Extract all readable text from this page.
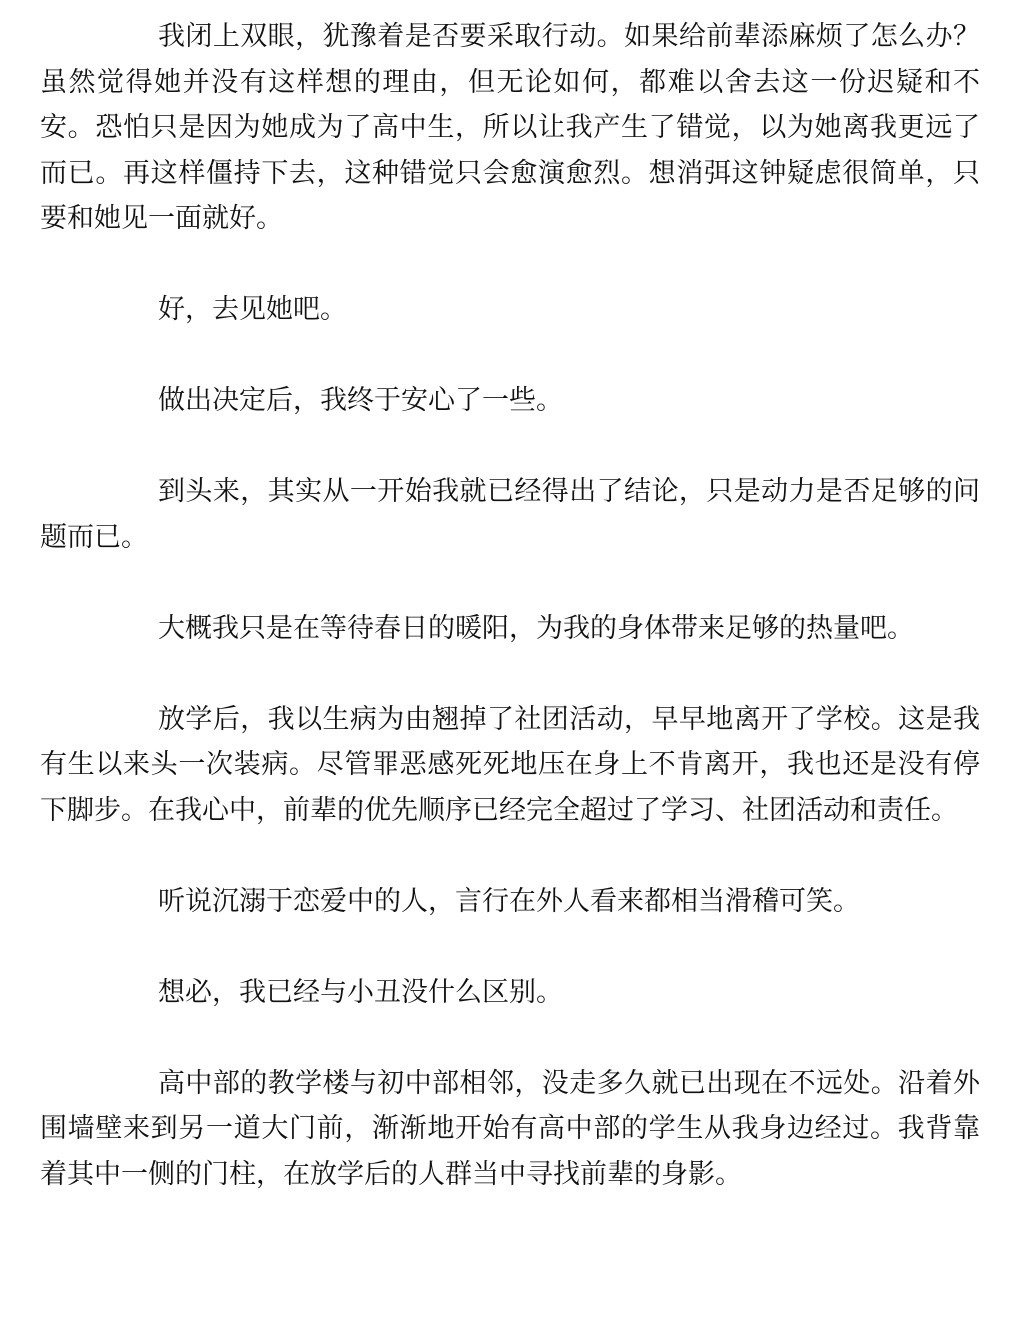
我闭上双眼，犹豫着是否要采取行动。如果给前辈添麻烦了怎么办？虽然觉得她并没有这样想的理由，但无论如何，都难以舍去这一份迟疑和不安。恐怕只是因为她成为了高中生，所以让我产生了错觉，以为她离我更远了而已。再这样僵持下去，这种错觉只会愈演愈烈。想消弭这钟疑虑很简单，只要和她见一面就好。

好，去见她吧。

做出决定后，我终于安心了一些。

到头来，其实从一开始我就已经得出了结论，只是动力是否足够的问题而已。

大概我只是在等待春日的暖阳，为我的身体带来足够的热量吧。

放学后，我以生病为由翘掉了社团活动，早早地离开了学校。这是我有生以来头一次装病。尽管罪恶感死死地压在身上不肯离开，我也还是没有停下脚步。在我心中，前辈的优先顺序已经完全超过了学习、社团活动和责任。

听说沉溺于恋爱中的人，言行在外人看来都相当滑稽可笑。

想必，我已经与小丑没什么区别。

高中部的教学楼与初中部相邻，没走多久就已出现在不远处。沿着外围墙壁来到另一道大门前，渐渐地开始有高中部的学生从我身边经过。我背靠着其中一侧的门柱，在放学后的人群当中寻找前辈的身影。
